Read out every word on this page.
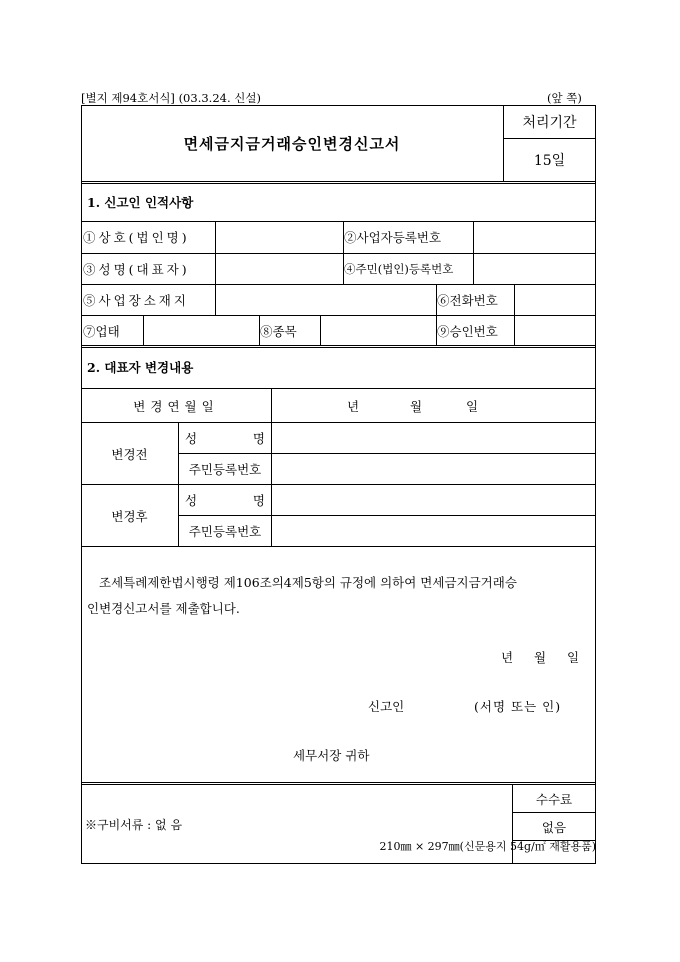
[별지 제94호서식] (03.3.24. 신설)	(앞 쪽)
면세금지금거래승인변경신고서
처리기간
15일
1. 신고인 인적사항
①상호(법인명)	②사업자등록번호
③성명(대표자)	④주민(법인)등록번호
⑤사업장소재지	⑥전화번호
⑦업태	⑧종목	⑨승인번호
2. 대표자 변경내용
변경연월일	년	월	일
변경전
성	명
주민등록번호
변경후
성	명
주민등록번호
조세특례제한법시행령 제106조의4제5항의 규정에 의하여 면세금지금거래승
인변경신고서를 제출합니다.
년 월 일
신고인	(서명 또는 인)
세무서장 귀하
※구비서류 : 없 음
수수료
없음
210㎜ × 297㎜(신문용지 54g/㎡ 재활용품)
